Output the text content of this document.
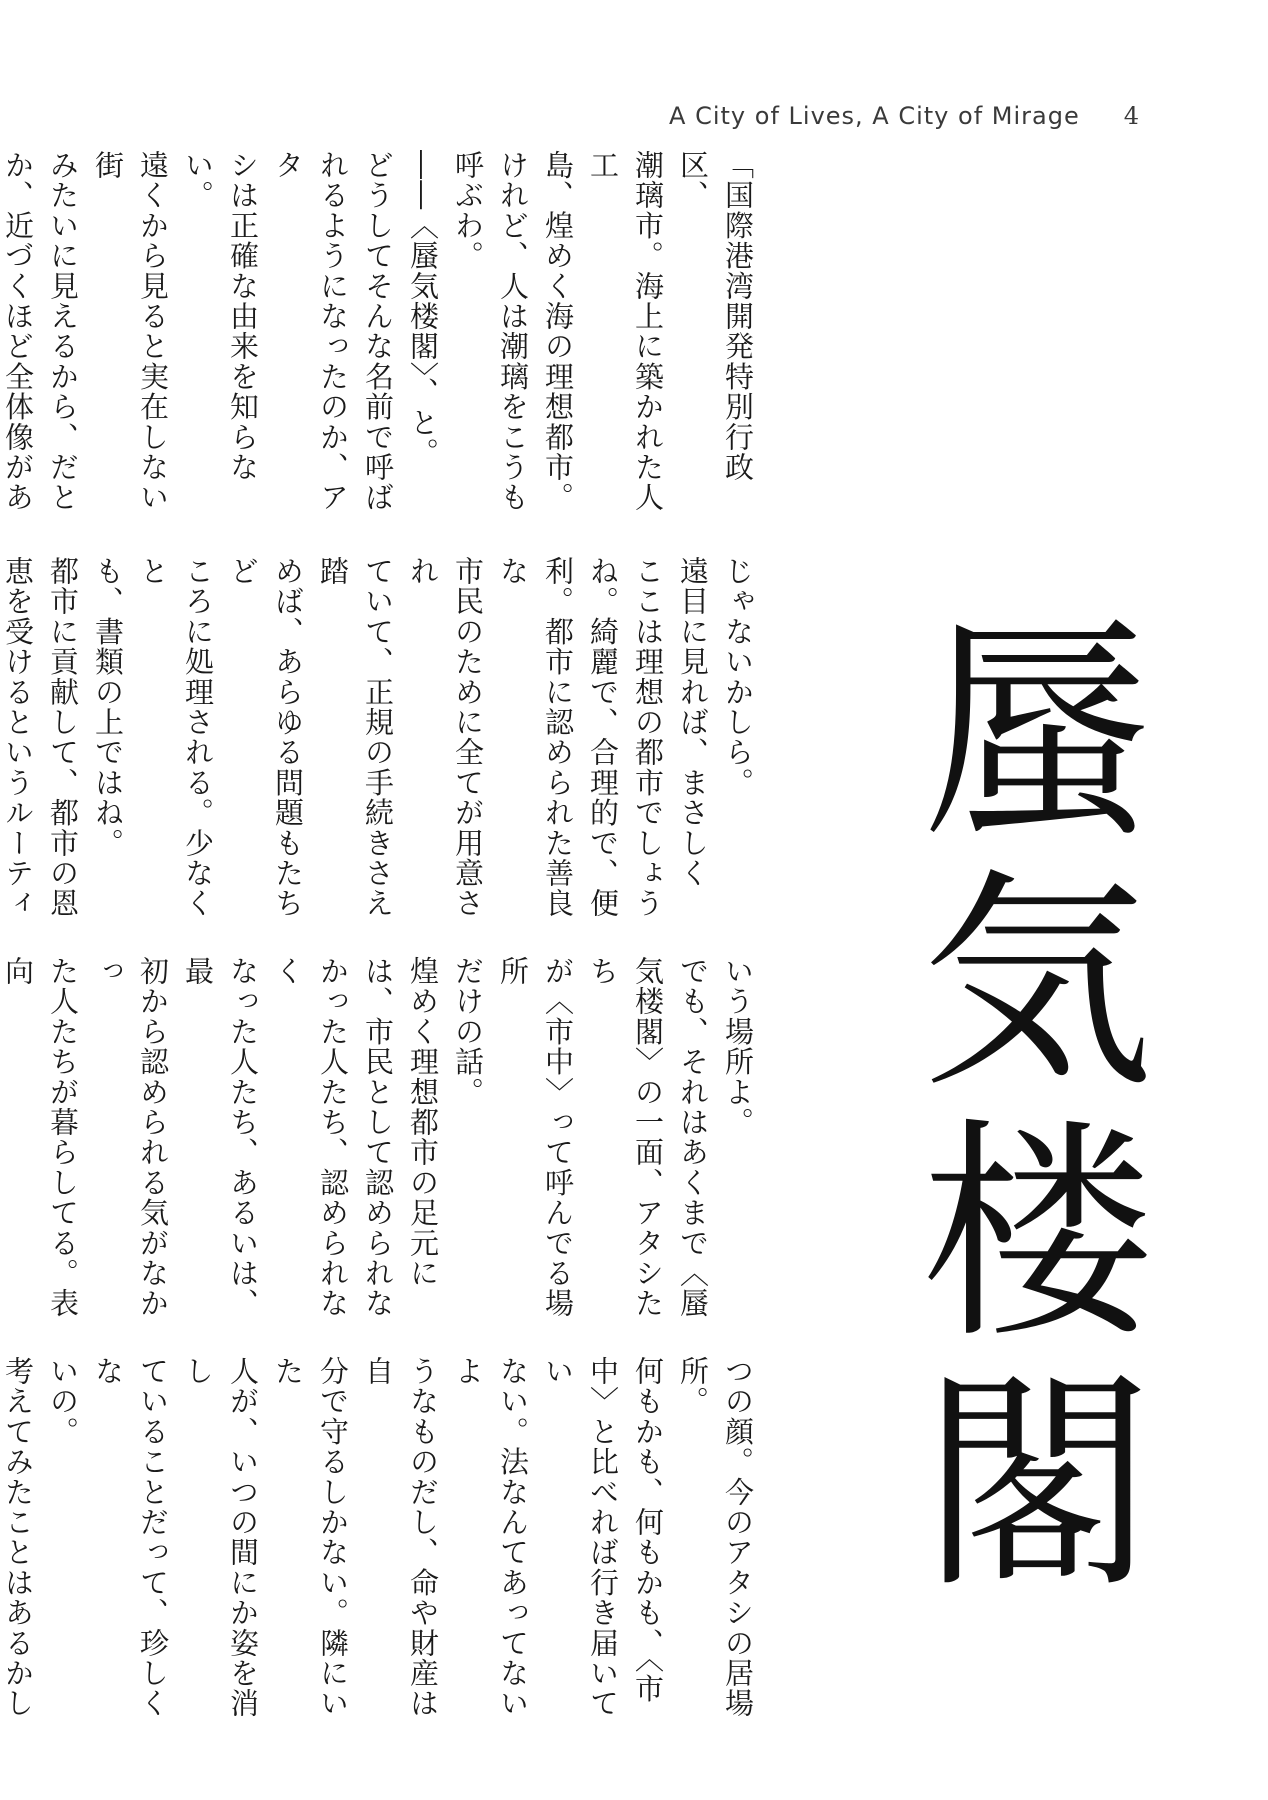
A City of Lives, A City of Mirage 4
蜃気楼閣

「国際港湾開発特別行政区、

潮璃市。海上に築かれた人工

島、煌めく海の理想都市。

けれど、人は潮璃をこうも

呼ぶわ。

――〈蜃気楼閣〉、と。

どうしてそんな名前で呼ば

れるようになったのか、アタ

シは正確な由来を知らない。

遠くから見ると実在しない街

みたいに見えるから、だと

か、近づくほど全体像があ

じゃないかしら。

遠目に見れば、まさしく

ここは理想の都市でしょう

ね。綺麗で、合理的で、便

利。都市に認められた善良な

市民のために全てが用意され

ていて、正規の手続きさえ踏

めば、あらゆる問題もたちど

ころに処理される。少なくと

も、書類の上ではね。

都市に貢献して、都市の恩

恵を受けるというルーティ

いう場所よ。

でも、それはあくまで〈蜃

気楼閣〉の一面、アタシたち

が〈市中〉って呼んでる場所

だけの話。

煌めく理想都市の足元に

は、市民として認められな

かった人たち、認められなく

なった人たち、あるいは、最

初から認められる気がなかっ

た人たちが暮らしてる。表向

つの顔。今のアタシの居場所。

何もかも、何もかも、〈市

中〉と比べれば行き届いてい

ない。法なんてあってないよ

うなものだし、命や財産は自

分で守るしかない。隣にいた

人が、いつの間にか姿を消し

ていることだって、珍しくな

いの。

考えてみたことはあるかし
